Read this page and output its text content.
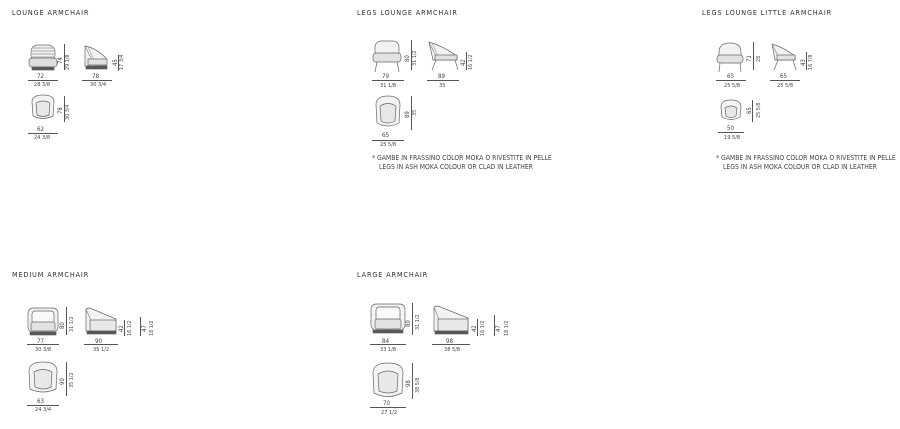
LOUNGE ARMCHAIR
72
28 3/8
74 29 1/8
78
30 3/4
45 17 3/4
62
24 3/8
78 30 3/4
LEGS LOUNGE ARMCHAIR
79
31 1/8
80 31 1/2
89
35
42 16 1/2
65
25 5/8
89 35
* GAMBE IN FRASSINO COLOR MOKA O RIVESTITE IN PELLE
LEGS IN ASH MOKA COLOUR OR CLAD IN LEATHER
LEGS LOUNGE LITTLE ARMCHAIR
65
25 5/8
71 28
65
25 5/8
43 16 7/8
50
19 5/8
65 25 5/8
* GAMBE IN FRASSINO COLOR MOKA O RIVESTITE IN PELLE
LEGS IN ASH MOKA COLOUR OR CLAD IN LEATHER
MEDIUM ARMCHAIR
77
30 3/8
80 31 1/2
90
35 1/2
42 16 1/2 47 18 1/2
63
24 3/4
90 35 1/2
LARGE ARMCHAIR
84
33 1/8
80 31 1/2
98
38 5/8
42 16 1/2 47 18 1/2
70
27 1/2
98 38 5/8
